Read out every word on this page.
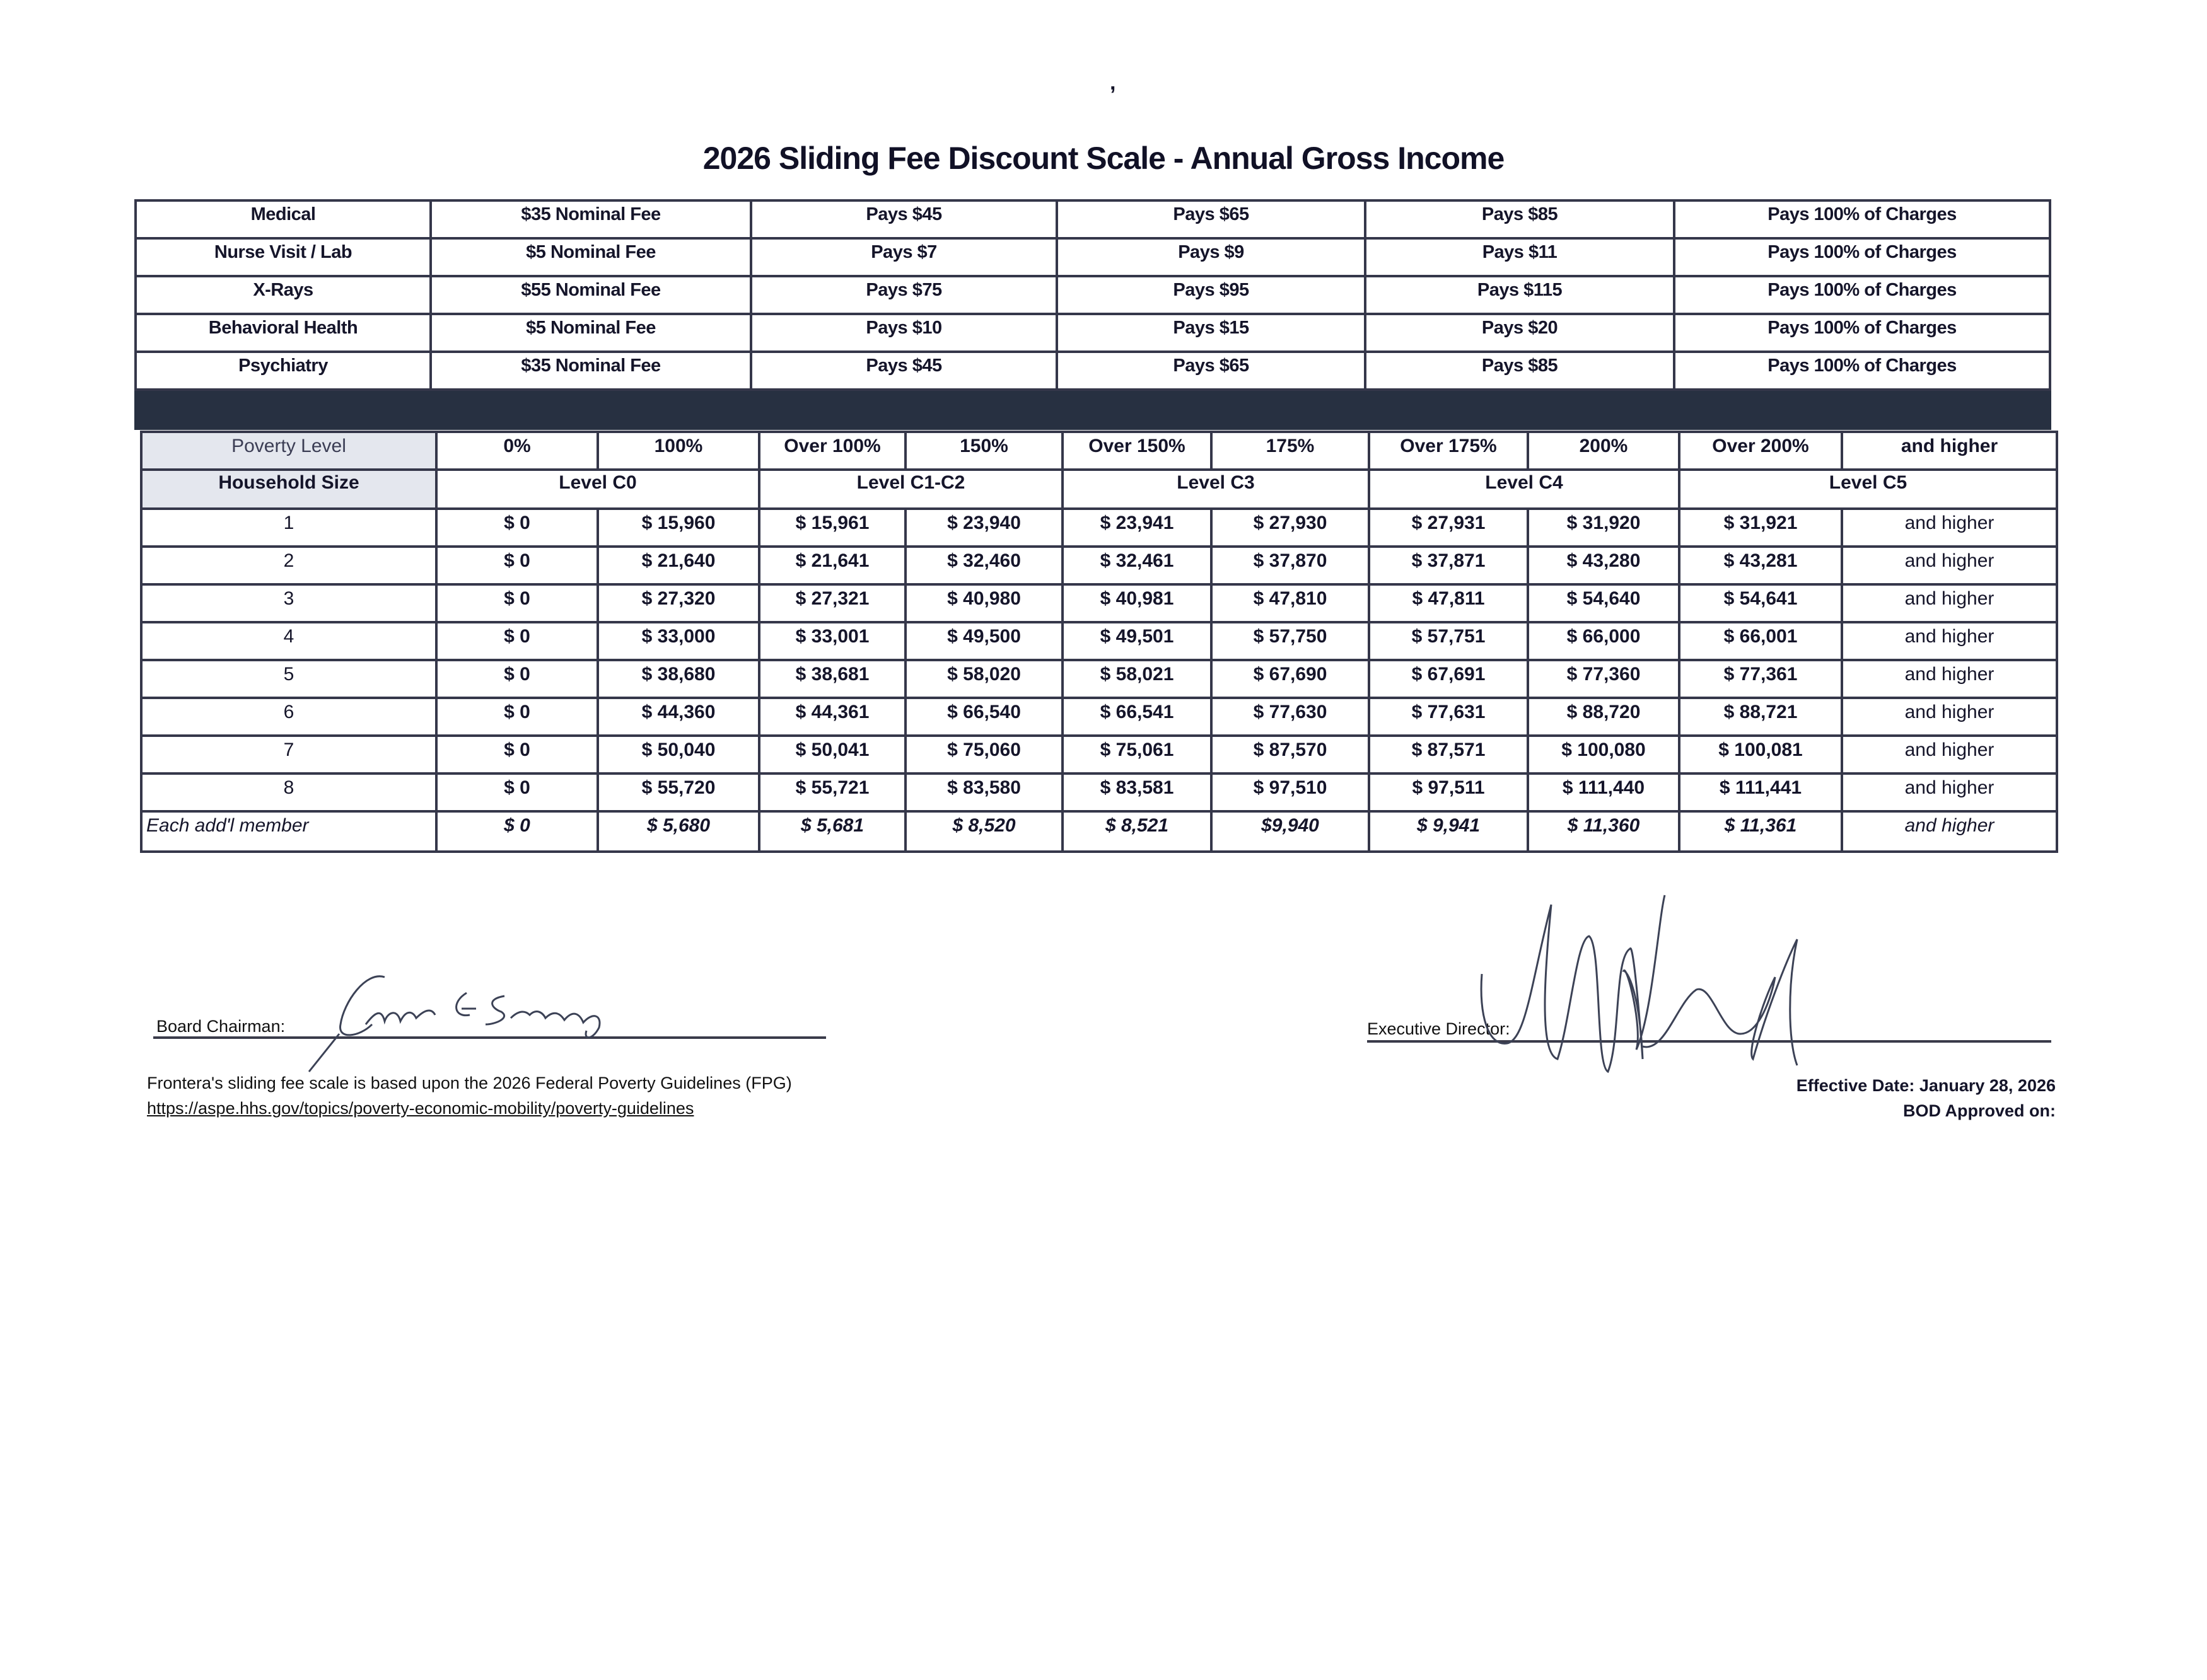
,
2026 Sliding Fee Discount Scale - Annual Gross Income
Medical	$35 Nominal Fee	Pays $45	Pays $65	Pays $85	Pays 100% of Charges
Nurse Visit / Lab	$5 Nominal Fee	Pays $7	Pays $9	Pays $11	Pays 100% of Charges
X-Rays	$55 Nominal Fee	Pays $75	Pays $95	Pays $115	Pays 100% of Charges
Behavioral Health	$5 Nominal Fee	Pays $10	Pays $15	Pays $20	Pays 100% of Charges
Psychiatry	$35 Nominal Fee	Pays $45	Pays $65	Pays $85	Pays 100% of Charges

Poverty Level	0%	100%	Over 100%	150%	Over 150%	175%	Over 175%	200%	Over 200%	and higher
Household Size	Level C0		Level C1-C2		Level C3		Level C4		Level C5	
1	$ 0	$ 15,960	$ 15,961	$ 23,940	$ 23,941	$ 27,930	$ 27,931	$ 31,920	$ 31,921	and higher
2	$ 0	$ 21,640	$ 21,641	$ 32,460	$ 32,461	$ 37,870	$ 37,871	$ 43,280	$ 43,281	and higher
3	$ 0	$ 27,320	$ 27,321	$ 40,980	$ 40,981	$ 47,810	$ 47,811	$ 54,640	$ 54,641	and higher
4	$ 0	$ 33,000	$ 33,001	$ 49,500	$ 49,501	$ 57,750	$ 57,751	$ 66,000	$ 66,001	and higher
5	$ 0	$ 38,680	$ 38,681	$ 58,020	$ 58,021	$ 67,690	$ 67,691	$ 77,360	$ 77,361	and higher
6	$ 0	$ 44,360	$ 44,361	$ 66,540	$ 66,541	$ 77,630	$ 77,631	$ 88,720	$ 88,721	and higher
7	$ 0	$ 50,040	$ 50,041	$ 75,060	$ 75,061	$ 87,570	$ 87,571	$ 100,080	$ 100,081	and higher
8	$ 0	$ 55,720	$ 55,721	$ 83,580	$ 83,581	$ 97,510	$ 97,511	$ 111,440	$ 111,441	and higher
Each add'l member	$ 0	$ 5,680	$ 5,681	$ 8,520	$ 8,521	$9,940	$ 9,941	$ 11,360	$ 11,361	and higher
Board Chairman:	Executive Director:
Frontera's sliding fee scale is based upon the 2026 Federal Poverty Guidelines (FPG)
https://aspe.hhs.gov/topics/poverty-economic-mobility/poverty-guidelines
Effective Date: January 28, 2026
BOD Approved on:
